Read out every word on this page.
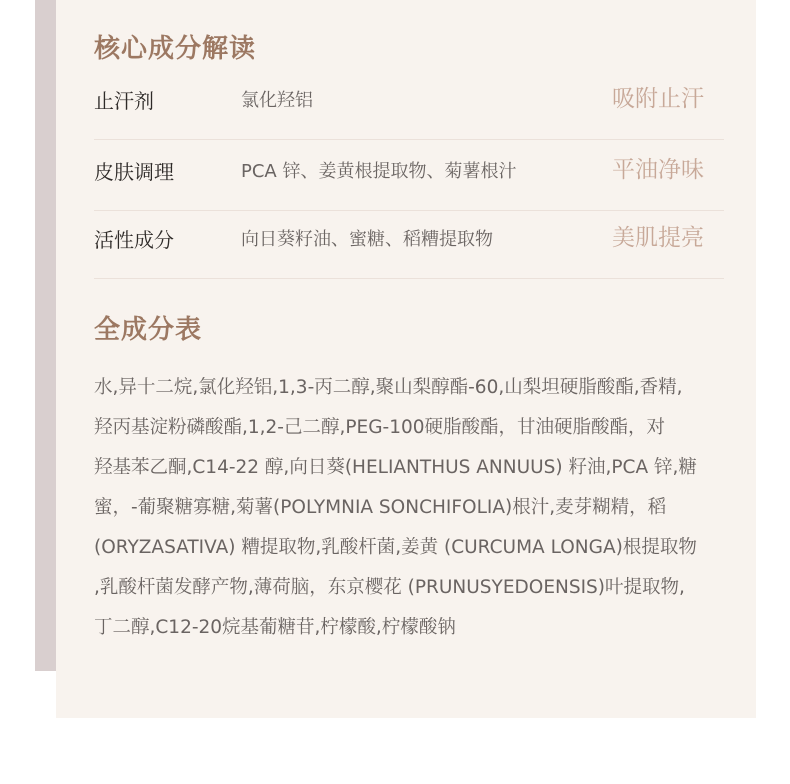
核心成分解读
止汗剂	氯化羟铝	吸附止汗
皮肤调理	PCA 锌、姜黄根提取物、菊薯根汁	平油净味
活性成分	向日葵籽油、蜜糖、稻糟提取物	美肌提亮
全成分表

水,异十二烷,氯化羟铝,1,3-丙二醇,聚山梨醇酯-60,山梨坦硬脂酸酯,香精,
羟丙基淀粉磷酸酯,1,2-己二醇,PEG-100硬脂酸酯，甘油硬脂酸酯，对
羟基苯乙酮,C14-22 醇,向日葵(HELIANTHUS ANNUUS) 籽油,PCA 锌,糖
蜜，-葡聚糖寡糖,菊薯(POLYMNIA SONCHIFOLIA)根汁,麦芽糊精，稻
(ORYZASATIVA) 糟提取物,乳酸杆菌,姜黄 (CURCUMA LONGA)根提取物
,乳酸杆菌发酵产物,薄荷脑，东京樱花 (PRUNUSYEDOENSIS)叶提取物,
丁二醇,C12-20烷基葡糖苷,柠檬酸,柠檬酸钠
